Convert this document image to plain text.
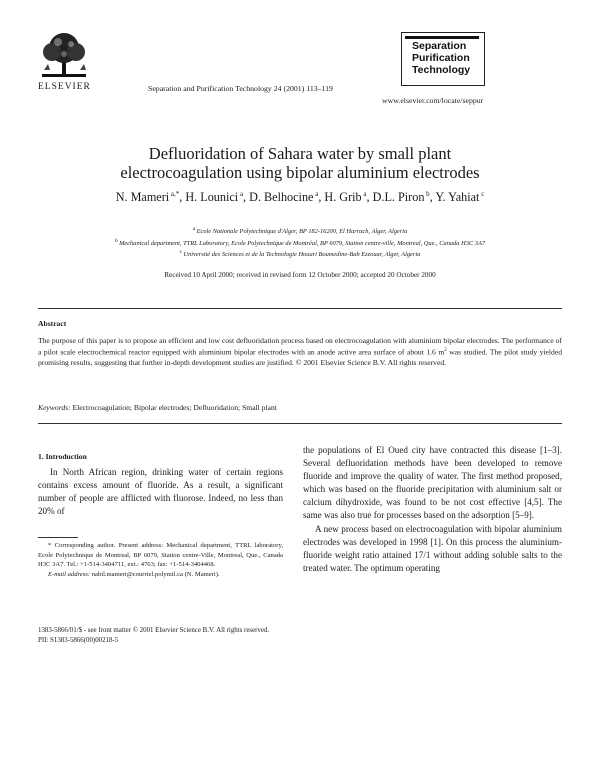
ELSEVIER	Separation and Purification Technology 24 (2001) 113–119
Separation
Purification
Technology
www.elsevier.com/locate/seppur
Defluoridation of Sahara water by small plant
electrocoagulation using bipolar aluminium electrodes
N. Mameri $^{a,*}$, H. Lounici $^a$, D. Belhocine $^a$, H. Grib $^a$, D.L. Piron $^b$, Y. Yahiat $^c$
$^a$ Ecole Nationale Polytechnique d'Alger, BP 182-16200, El Harrach, Alger, Algeria
$^b$ Mechanical department, TTRL Laboratory, Ecole Polytechnique de Montréal, BP 6079, Station centre-ville, Montreal, Que., Canada H3C 3A7
$^c$ Université des Sciences et de la Technologie Houari Boumedine-Bab Ezzouar, Alger, Algeria
Received 10 April 2000; received in revised form 12 October 2000; accepted 20 October 2000
Abstract
The purpose of this paper is to propose an efficient and low cost defluoridation process based on electrocoagulation with aluminium bipolar electrodes. The performance of a pilot scale electrochemical reactor equipped with aluminium bipolar electrodes with an anode active area surface of about 1.6 $m^2$ was studied. The pilot study yielded promising results, suggesting that further in-depth development studies are justified. © 2001 Elsevier Science B.V. All rights reserved.
Keywords: Electrocoagulation; Bipolar electrodes; Defluoridation; Small plant
1. Introduction
In North African region, drinking water of certain regions contains excess amount of fluoride. As a result, a significant number of people are afflicted with fluorose. Indeed, no less than 20% of

the populations of El Oued city have contracted this disease [1–3]. Several defluoridation methods have been developed to remove fluoride and improve the quality of water. The first method proposed, which was based on the fluoride precipitation with aluminium salt or calcium dihydroxide, was found to be not cost effective [4,5]. The same was also true for processes based on the adsorption [5–9].

A new process based on electrocoagulation with bipolar aluminium electrodes was developed in 1998 [1]. On this process the aluminium-fluoride weight ratio attained 17/1 without adding soluble salts to the treated water. The optimum operating

* Corresponding author. Present address: Mechanical department, TTRL laboratory, Ecole Polytechnique de Montreal, BP 6079, Station centre-Ville, Montreal, Que., Canada H3C 3A7. Tel.: +1-514-3404711, ext.: 4763; fax: +1-514-3404468.

E-mail address: nabil.mameri@courriel.polymtl.ca (N. Mameri).

1383-5866/01/$ - see front matter © 2001 Elsevier Science B.V. All rights reserved.
PII: S1383-5866(00)00218-5
